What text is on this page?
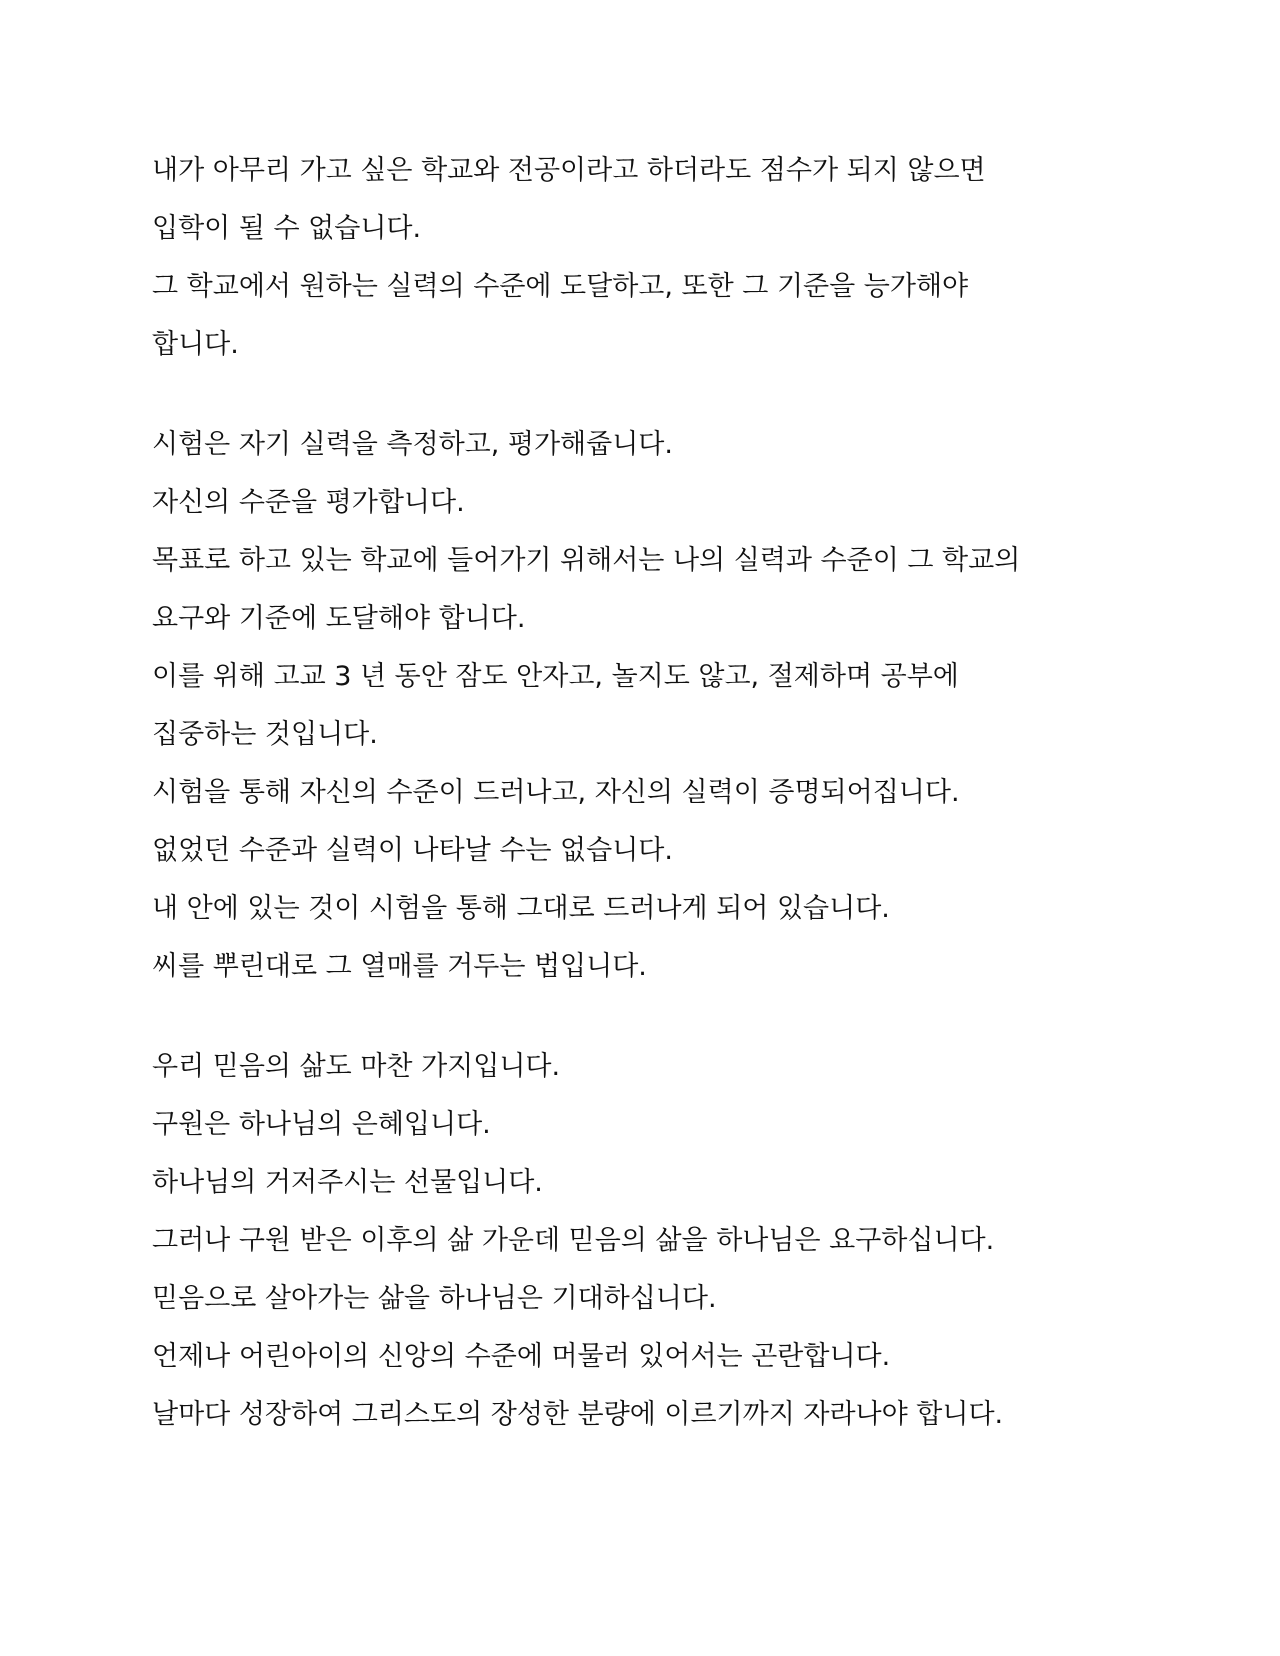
내가 아무리 가고 싶은 학교와 전공이라고 하더라도 점수가 되지 않으면
입학이 될 수 없습니다.
그 학교에서 원하는 실력의 수준에 도달하고, 또한 그 기준을 능가해야
합니다.
시험은 자기 실력을 측정하고, 평가해줍니다.
자신의 수준을 평가합니다.
목표로 하고 있는 학교에 들어가기 위해서는 나의 실력과 수준이 그 학교의
요구와 기준에 도달해야 합니다.
이를 위해 고교 3 년 동안 잠도 안자고, 놀지도 않고, 절제하며 공부에
집중하는 것입니다.
시험을 통해 자신의 수준이 드러나고, 자신의 실력이 증명되어집니다.
없었던 수준과 실력이 나타날 수는 없습니다.
내 안에 있는 것이 시험을 통해 그대로 드러나게 되어 있습니다.
씨를 뿌린대로 그 열매를 거두는 법입니다.
우리 믿음의 삶도 마찬 가지입니다.
구원은 하나님의 은혜입니다.
하나님의 거저주시는 선물입니다.
그러나 구원 받은 이후의 삶 가운데 믿음의 삶을 하나님은 요구하십니다.
믿음으로 살아가는 삶을 하나님은 기대하십니다.
언제나 어린아이의 신앙의 수준에 머물러 있어서는 곤란합니다.
날마다 성장하여 그리스도의 장성한 분량에 이르기까지 자라나야 합니다.
